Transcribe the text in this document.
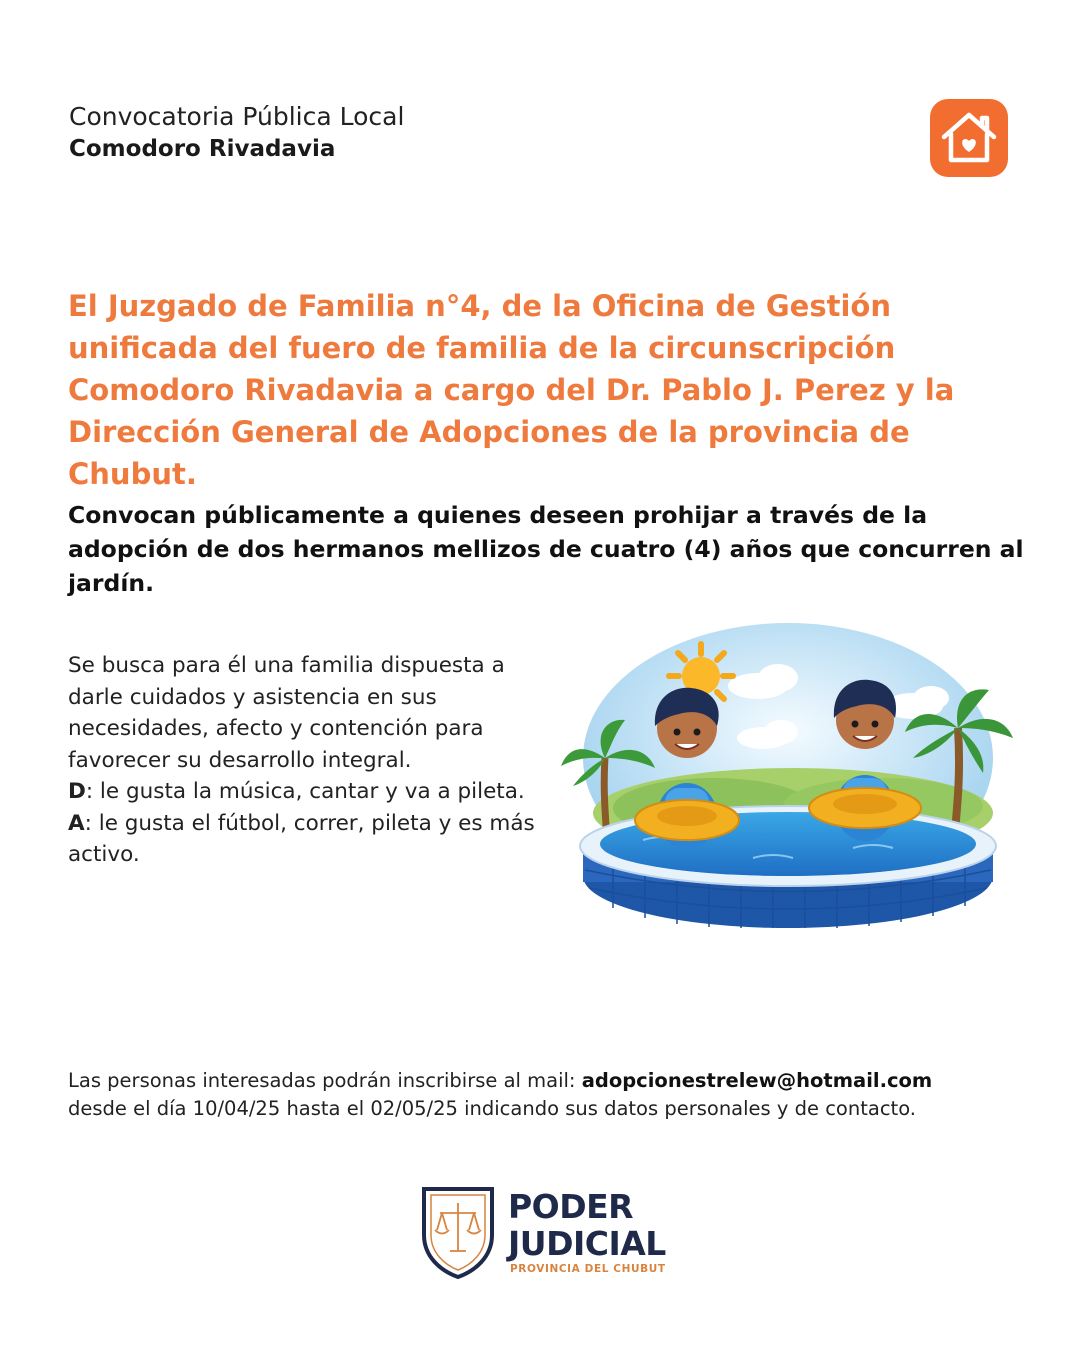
Convocatoria Pública Local
Comodoro Rivadavia

El Juzgado de Familia n°4, de la Oficina de Gestión unificada del fuero de familia de la circunscripción Comodoro Rivadavia a cargo del Dr. Pablo J. Perez y la Dirección General de Adopciones de la provincia de Chubut.

Convocan públicamente a quienes deseen prohijar a través de la adopción de dos hermanos mellizos de cuatro (4) años que concurren al jardín.

Se busca para él una familia dispuesta a darle cuidados y asistencia en sus necesidades, afecto y contención para favorecer su desarrollo integral.

D: le gusta la música, cantar y va a pileta.

A: le gusta el fútbol, correr, pileta y es más activo.

Las personas interesadas podrán inscribirse al mail: adopcionestrelew@hotmail.com
desde el día 10/04/25 hasta el 02/05/25 indicando sus datos personales y de contacto.

PODER
JUDICIAL
PROVINCIA DEL CHUBUT
